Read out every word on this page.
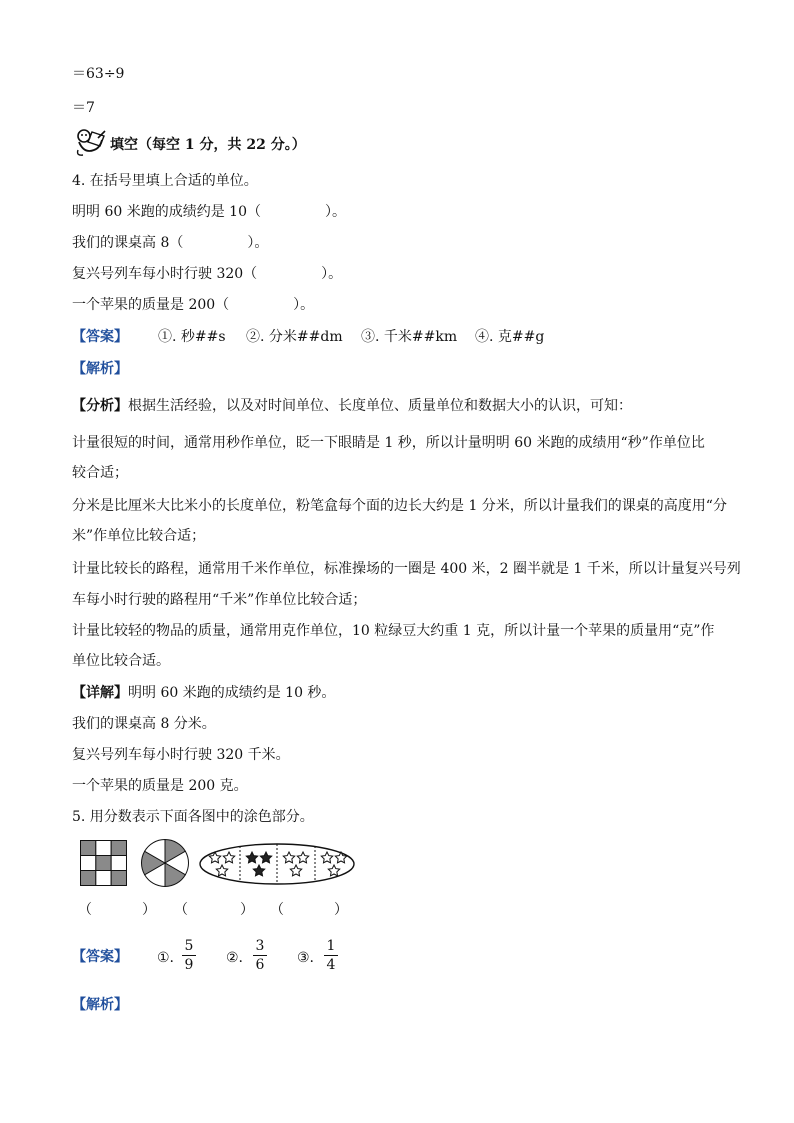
＝63÷9
＝7
填空（每空 1 分，共 22 分。）
4. 在括号里填上合适的单位。
明明 60 米跑的成绩约是 10（	）。
我们的课桌高 8（	）。
复兴号列车每小时行驶 320（	）。
一个苹果的质量是 200（	）。
【答案】 ①. 秒##s ②. 分米##dm ③. 千米##km ④. 克##g
【解析】
【分析】根据生活经验，以及对时间单位、长度单位、质量单位和数据大小的认识，可知：
计量很短的时间，通常用秒作单位，眨一下眼睛是 1 秒，所以计量明明 60 米跑的成绩用“秒”作单位比
较合适；
分米是比厘米大比米小的长度单位，粉笔盒每个面的边长大约是 1 分米，所以计量我们的课桌的高度用“分
米”作单位比较合适；
计量比较长的路程，通常用千米作单位，标准操场的一圈是 400 米，2 圈半就是 1 千米，所以计量复兴号列
车每小时行驶的路程用“千米”作单位比较合适；
计量比较轻的物品的质量，通常用克作单位，10 粒绿豆大约重 1 克，所以计量一个苹果的质量用“克”作
单位比较合适。
【详解】明明 60 米跑的成绩约是 10 秒。
我们的课桌高 8 分米。
复兴号列车每小时行驶 320 千米。
一个苹果的质量是 200 克。
5. 用分数表示下面各图中的涂色部分。
（	） （	） （	）
【答案】 ①.
5
9 ②.
3
6 ③.
1
4
【解析】
